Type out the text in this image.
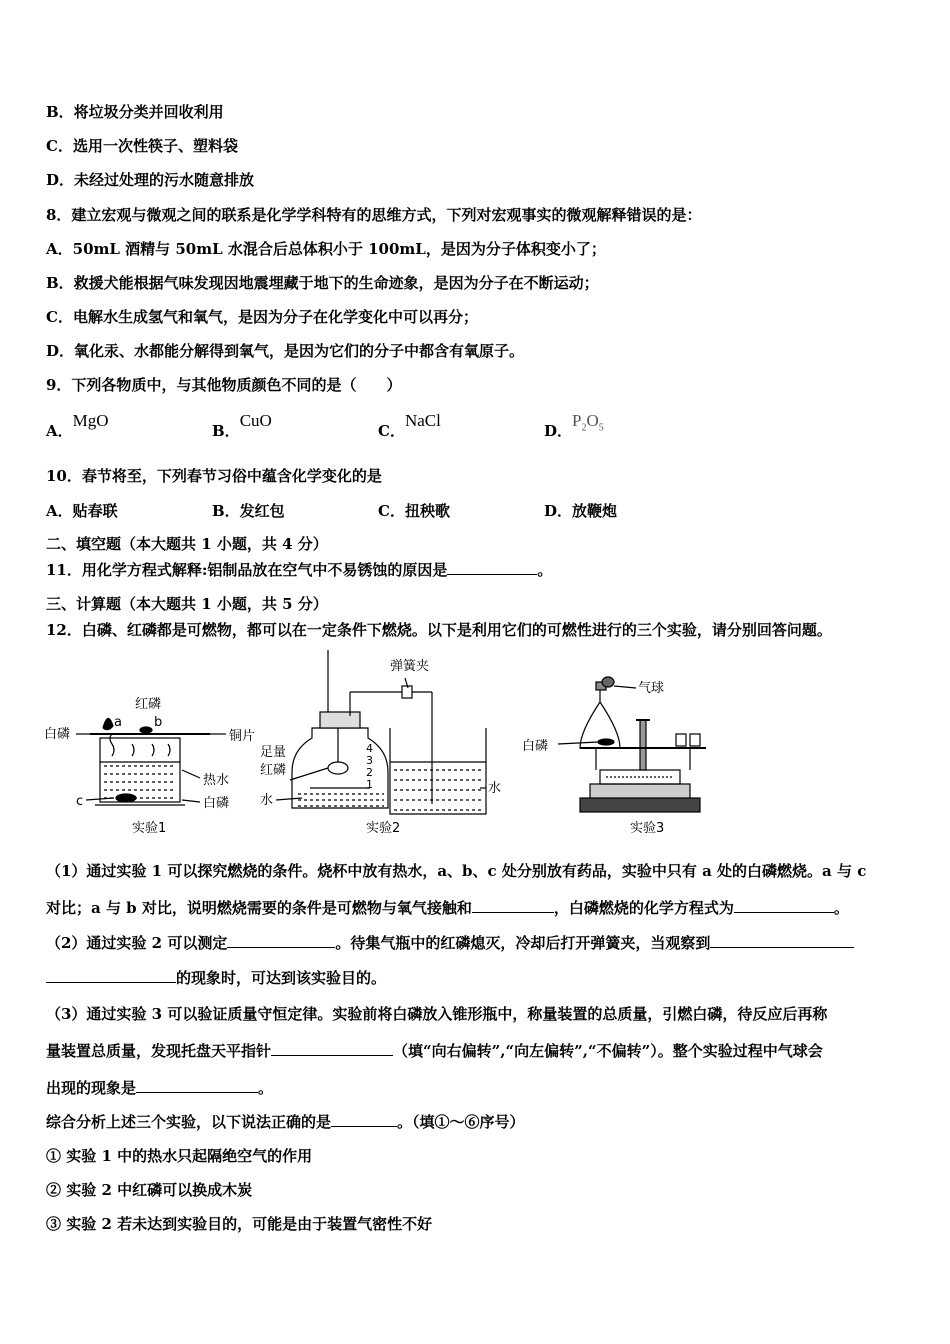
B．将垃圾分类并回收利用
C．选用一次性筷子、塑料袋
D．未经过处理的污水随意排放
8．建立宏观与微观之间的联系是化学学科特有的思维方式，下列对宏观事实的微观解释错误的是：
A．50mL 酒精与 50mL 水混合后总体积小于 100mL，是因为分子体积变小了；
B．救援犬能根据气味发现因地震埋藏于地下的生命迹象，是因为分子在不断运动；
C．电解水生成氢气和氧气，是因为分子在化学变化中可以再分；
D．氧化汞、水都能分解得到氧气，是因为它们的分子中都含有氧原子。
9．下列各物质中，与其他物质颜色不同的是（　　）
A．MgO
B．CuO
C．NaCl
D．$P_2O_5$
10．春节将至，下列春节习俗中蕴含化学变化的是
A．贴春联	B．发红包	C．扭秧歌	D．放鞭炮
二、填空题（本大题共 1 小题，共 4 分）
11．用化学方程式解释:铝制品放在空气中不易锈蚀的原因是	。
三、计算题（本大题共 1 小题，共 5 分）
12．白磷、红磷都是可燃物，都可以在一定条件下燃烧。以下是利用它们的可燃性进行的三个实验，请分别回答问题。
红磷
白磷
a b
铜片
热水
白磷
c
实验1
弹簧夹
足量
红磷
水
水
4
3
2
1
实验2
气球
白磷
实验3
（1）通过实验 1 可以探究燃烧的条件。烧杯中放有热水，a、b、c 处分别放有药品，实验中只有 a 处的白磷燃烧。a 与 c
对比；a 与 b 对比，说明燃烧需要的条件是可燃物与氧气接触和	，白磷燃烧的化学方程式为	。
（2）通过实验 2 可以测定	。待集气瓶中的红磷熄灭，冷却后打开弹簧夹，当观察到
的现象时，可达到该实验目的。
（3）通过实验 3 可以验证质量守恒定律。实验前将白磷放入锥形瓶中，称量装置的总质量，引燃白磷，待反应后再称
量装置总质量，发现托盘天平指针	（填“向右偏转”,“向左偏转”,“不偏转”）。整个实验过程中气球会
出现的现象是	。
综合分析上述三个实验，以下说法正确的是	。（填①～⑥序号）
① 实验 1 中的热水只起隔绝空气的作用
② 实验 2 中红磷可以换成木炭
③ 实验 2 若未达到实验目的，可能是由于装置气密性不好
